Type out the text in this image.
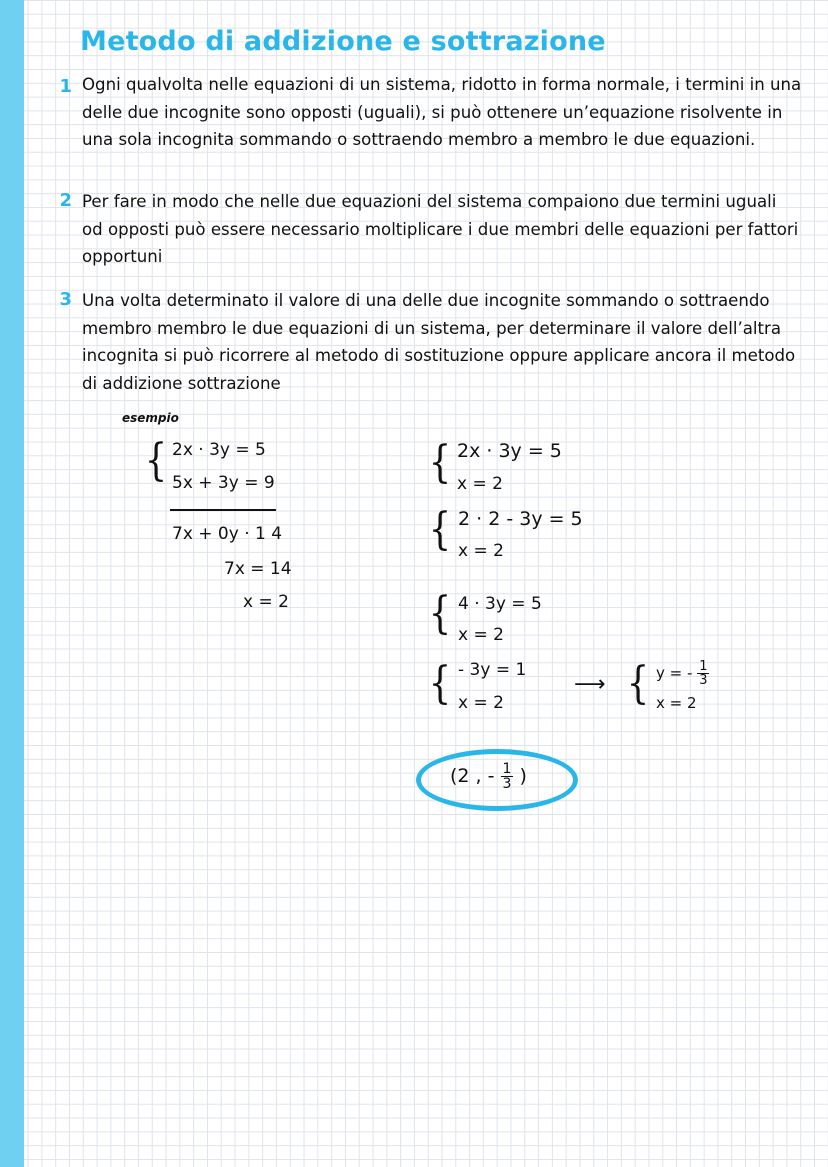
Metodo di addizione e sottrazione
1 Ogni qualvolta nelle equazioni di un sistema, ridotto in forma normale, i termini in una delle due incognite sono opposti (uguali), si può ottenere un’equazione risolvente in una sola incognita sommando o sottraendo membro a membro le due equazioni.

2 Per fare in modo che nelle due equazioni del sistema compaiono due termini uguali od opposti può essere necessario moltiplicare i due membri delle equazioni per fattori opportuni

3 Una volta determinato il valore di una delle due incognite sommando o sottraendo membro membro le due equazioni di un sistema, per determinare il valore dell’altra incognita si può ricorrere al metodo di sostituzione oppure applicare ancora il metodo di addizione sottrazione

esempio
{ 2x · 3y = 5
5x + 3y = 9
7x + 0y · 1 4
7x = 14
x = 2
{ 2x · 3y = 5
x = 2
{ 2 · 2 - 3y = 5
x = 2
{ 4 · 3y = 5
x = 2
{ - 3y = 1
x = 2
⟶ { y = - $\frac{1}{3}$
x = 2
(2 , - $\frac{1}{3}$ )
